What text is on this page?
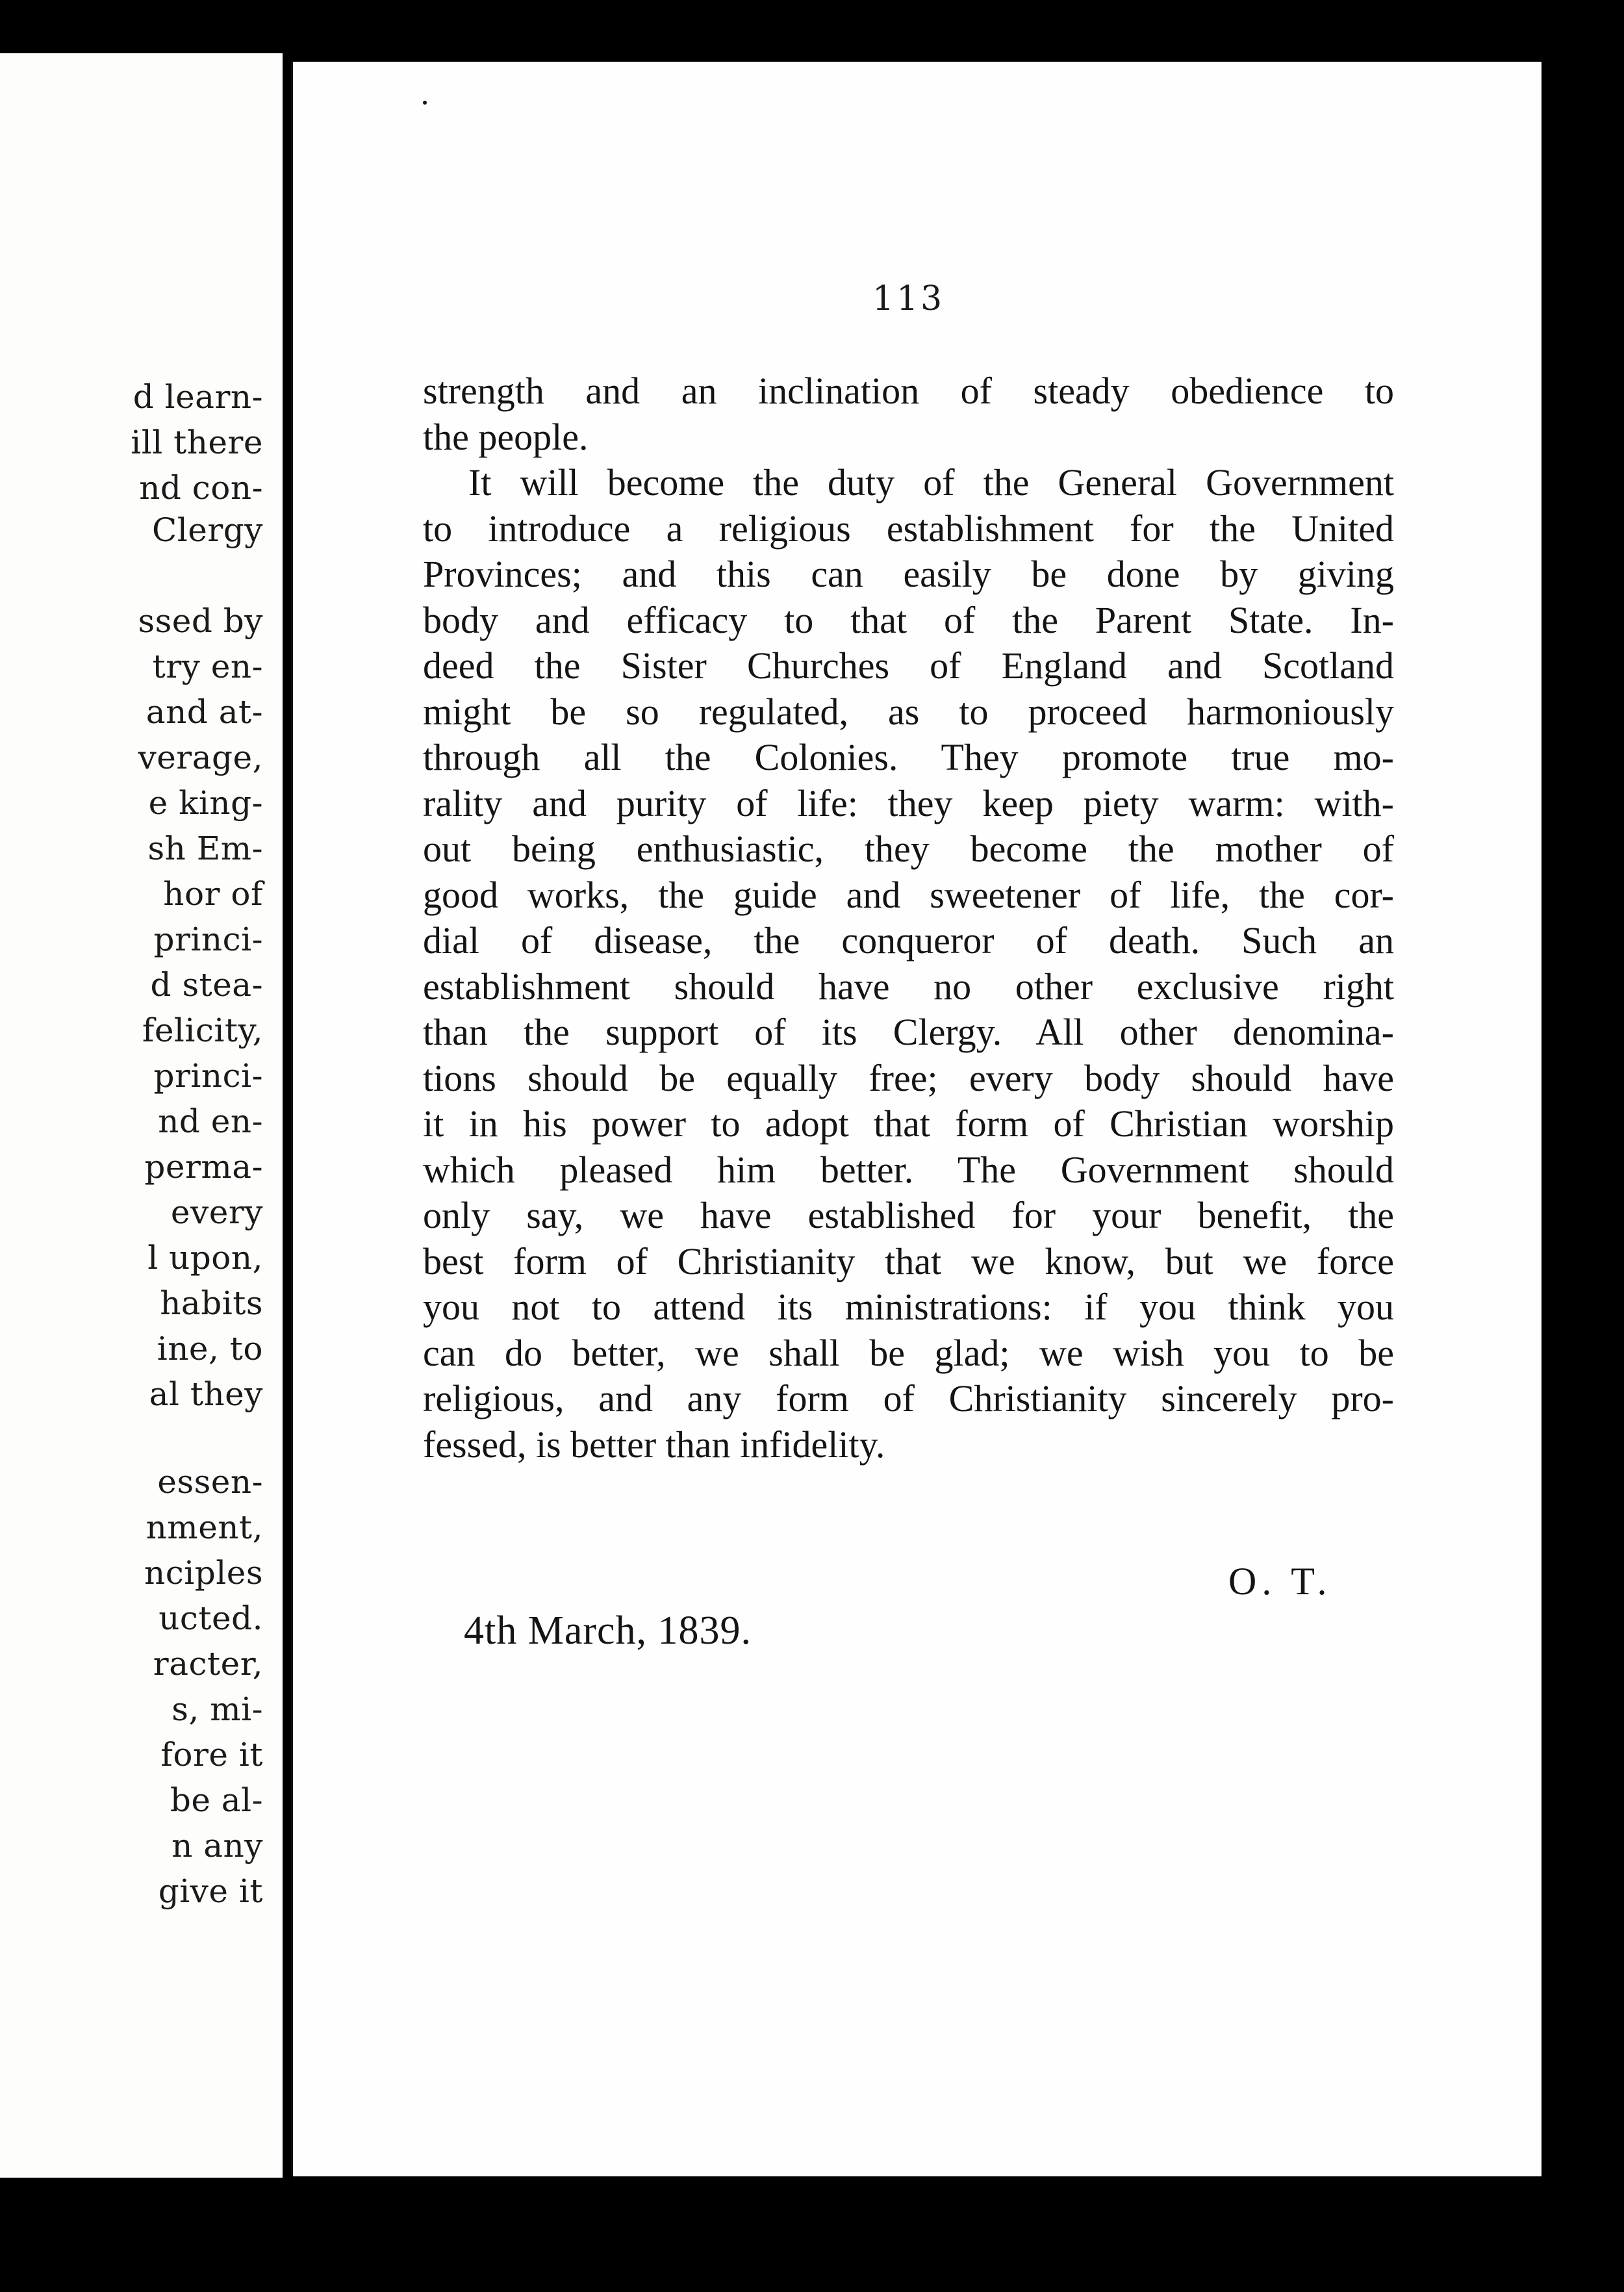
d learn-
ill there
nd con-
Clergy
ssed by
try en-
and at-
verage,
e king-
sh Em-
hor of
princi-
d stea-
felicity,
princi-
nd en-
perma-
every
l upon,
habits
ine, to
al they
essen-
nment,
nciples
ucted.
racter,
s, mi-
fore it
be al-
n any
give it
113
strength and an inclination of steady obedience to
the people.
It will become the duty of the General Government
to introduce a religious establishment for the United
Provinces; and this can easily be done by giving
body and efficacy to that of the Parent State. In-
deed the Sister Churches of England and Scotland
might be so regulated, as to proceed harmoniously
through all the Colonies. They promote true mo-
rality and purity of life: they keep piety warm: with-
out being enthusiastic, they become the mother of
good works, the guide and sweetener of life, the cor-
dial of disease, the conqueror of death. Such an
establishment should have no other exclusive right
than the support of its Clergy. All other denomina-
tions should be equally free; every body should have
it in his power to adopt that form of Christian worship
which pleased him better. The Government should
only say, we have established for your benefit, the
best form of Christianity that we know, but we force
you not to attend its ministrations: if you think you
can do better, we shall be glad; we wish you to be
religious, and any form of Christianity sincerely pro-
fessed, is better than infidelity.
O. T.
4th March, 1839.
